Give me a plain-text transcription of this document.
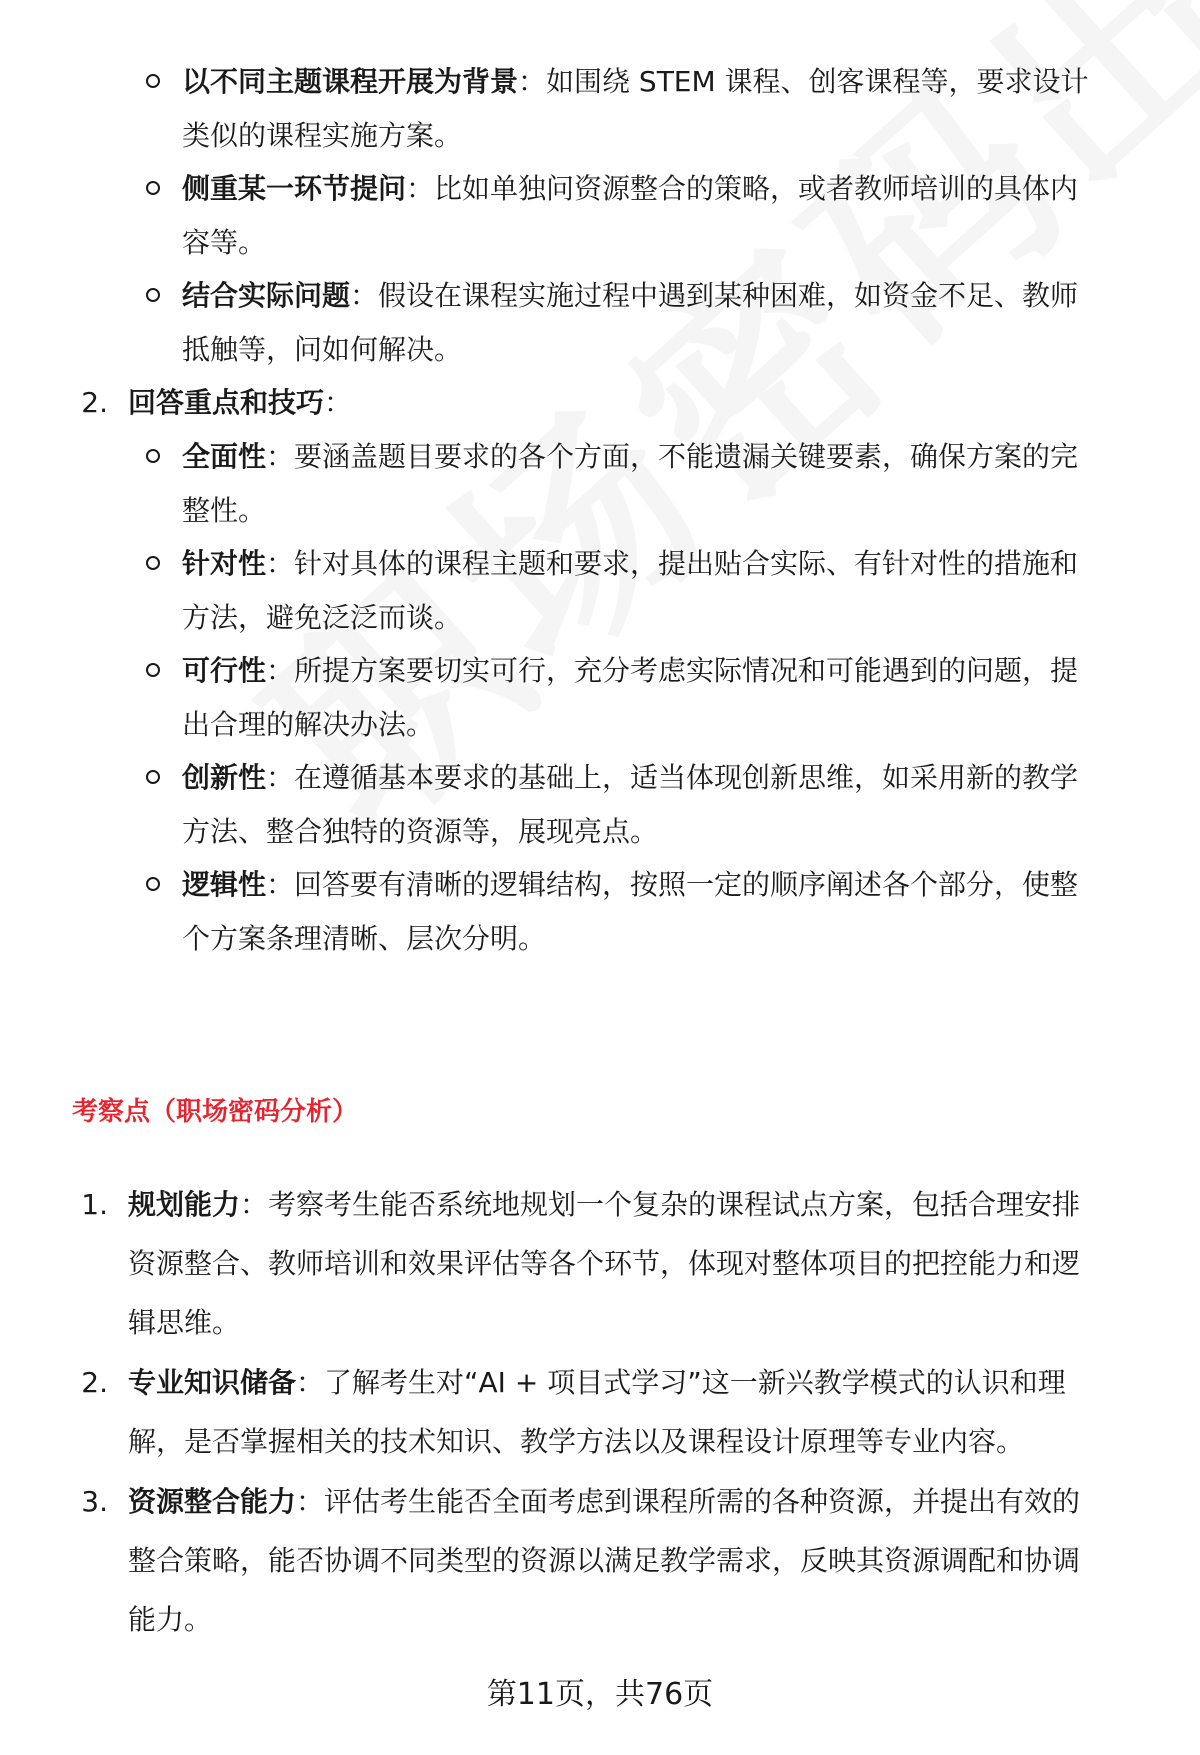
以不同主题课程开展为背景：如围绕 STEM 课程、创客课程等，要求设计
类似的课程实施方案。
侧重某一环节提问：比如单独问资源整合的策略，或者教师培训的具体内
容等。
结合实际问题：假设在课程实施过程中遇到某种困难，如资金不足、教师
抵触等，问如何解决。
2. 回答重点和技巧：
全面性：要涵盖题目要求的各个方面，不能遗漏关键要素，确保方案的完
整性。
针对性：针对具体的课程主题和要求，提出贴合实际、有针对性的措施和
方法，避免泛泛而谈。
可行性：所提方案要切实可行，充分考虑实际情况和可能遇到的问题，提
出合理的解决办法。
创新性：在遵循基本要求的基础上，适当体现创新思维，如采用新的教学
方法、整合独特的资源等，展现亮点。
逻辑性：回答要有清晰的逻辑结构，按照一定的顺序阐述各个部分，使整
个方案条理清晰、层次分明。
考察点（职场密码分析）
1. 规划能力：考察考生能否系统地规划一个复杂的课程试点方案，包括合理安排
资源整合、教师培训和效果评估等各个环节，体现对整体项目的把控能力和逻
辑思维。
2. 专业知识储备：了解考生对“AI + 项目式学习”这一新兴教学模式的认识和理
解，是否掌握相关的技术知识、教学方法以及课程设计原理等专业内容。
3. 资源整合能力：评估考生能否全面考虑到课程所需的各种资源，并提出有效的
整合策略，能否协调不同类型的资源以满足教学需求，反映其资源调配和协调
能力。
第11页，共76页
